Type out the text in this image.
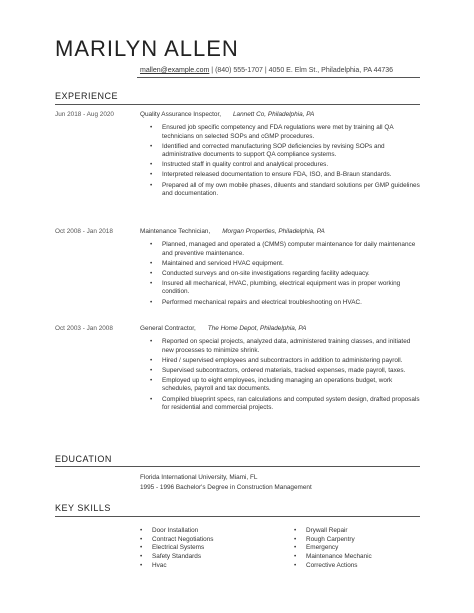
MARILYN ALLEN
mallen@example.com | (840) 555-1707 | 4050 E. Elm St., Philadelphia, PA 44736
EXPERIENCE
Jun 2018 - Aug 2020	Quality Assurance Inspector, Lannett Co, Philadelphia, PA
• Ensured job specific competency and FDA regulations were met by training all QA technicians on selected SOPs and cGMP procedures.
• Identified and corrected manufacturing SOP deficiencies by revising SOPs and administrative documents to support QA compliance systems.
• Instructed staff in quality control and analytical procedures.
• Interpreted released documentation to ensure FDA, ISO, and B-Braun standards.
• Prepared all of my own mobile phases, diluents and standard solutions per GMP guidelines and documentation.
Oct 2008 - Jan 2018	Maintenance Technician, Morgan Properties, Philadelphia, PA
• Planned, managed and operated a (CMMS) computer maintenance for daily maintenance and preventive maintenance.
• Maintained and serviced HVAC equipment.
• Conducted surveys and on-site investigations regarding facility adequacy.
• Insured all mechanical, HVAC, plumbing, electrical equipment was in proper working condition.
• Performed mechanical repairs and electrical troubleshooting on HVAC.
Oct 2003 - Jan 2008	General Contractor, The Home Depot, Philadelphia, PA
• Reported on special projects, analyzed data, administered training classes, and initiated new processes to minimize shrink.
• Hired / supervised employees and subcontractors in addition to administering payroll.
• Supervised subcontractors, ordered materials, tracked expenses, made payroll, taxes.
• Employed up to eight employees, including managing an operations budget, work schedules, payroll and tax documents.
• Compiled blueprint specs, ran calculations and computed system design, drafted proposals for residential and commercial projects.
EDUCATION
Florida International University, Miami, FL
1995 - 1996 Bachelor's Degree in Construction Management
KEY SKILLS
• Door Installation
• Contract Negotiations
• Electrical Systems
• Safety Standards
• Hvac
• Drywall Repair
• Rough Carpentry
• Emergency
• Maintenance Mechanic
• Corrective Actions
